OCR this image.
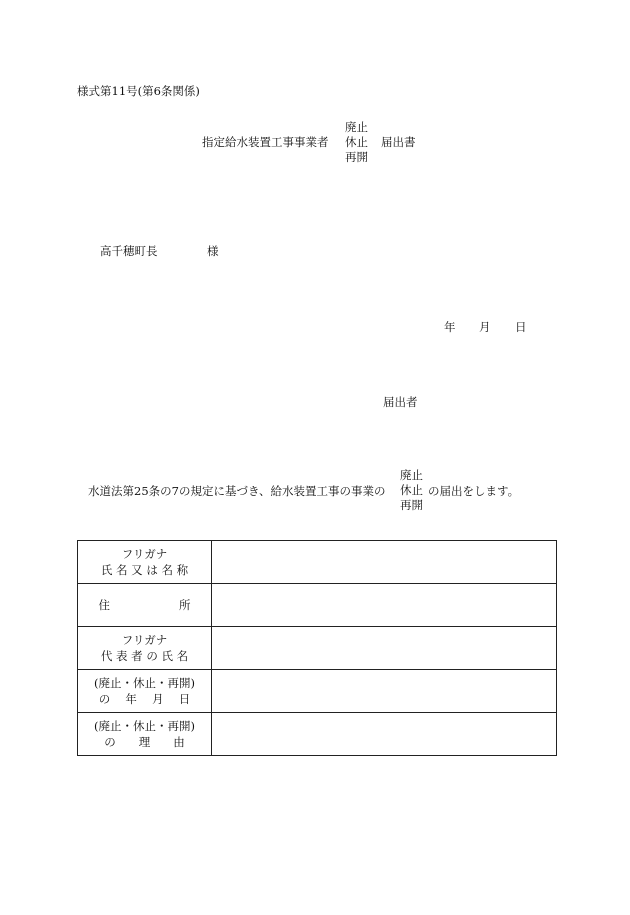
様式第11号(第6条関係)
指定給水装置工事事業者
廃止
休止
再開
届出書
高千穂町長	様
年 月 日
届出者
水道法第25条の7の規定に基づき、給水装置工事の事業の
廃止
休止
再開
の届出をします。
フリガナ
氏 名 又 は 名 称	

住　　　　　　所	

フリガナ
代 表 者 の 氏 名	

(廃止・休止・再開)
の　 年 　月　 日	

(廃止・休止・再開)
の　　理　　由	
